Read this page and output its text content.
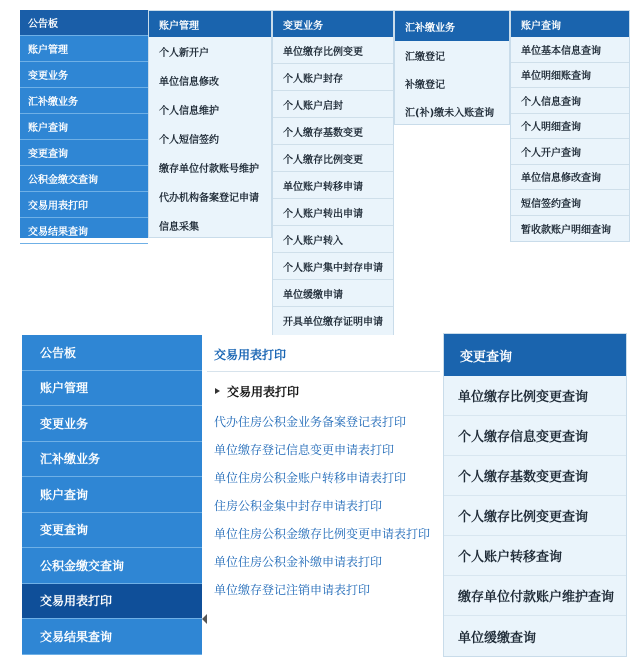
公告板
账户管理
变更业务
汇补缴业务
账户查询
变更查询
公积金缴交查询
交易用表打印
交易结果查询
账户管理
个人新开户
单位信息修改
个人信息维护
个人短信签约
缴存单位付款账号维护
代办机构备案登记申请
信息采集
变更业务
单位缴存比例变更
个人账户封存
个人账户启封
个人缴存基数变更
个人缴存比例变更
单位账户转移申请
个人账户转出申请
个人账户转入
个人账户集中封存申请
单位缓缴申请
开具单位缴存证明申请
汇补缴业务
汇缴登记
补缴登记
汇(补)缴未入账查询
账户查询
单位基本信息查询
单位明细账查询
个人信息查询
个人明细查询
个人开户查询
单位信息修改查询
短信签约查询
暂收款账户明细查询
公告板
账户管理
变更业务
汇补缴业务
账户查询
变更查询
公积金缴交查询
交易用表打印
交易结果查询
交易用表打印
交易用表打印
代办住房公积金业务备案登记表打印
单位缴存登记信息变更申请表打印
单位住房公积金账户转移申请表打印
住房公积金集中封存申请表打印
单位住房公积金缴存比例变更申请表打印
单位住房公积金补缴申请表打印
单位缴存登记注销申请表打印
变更查询
单位缴存比例变更查询
个人缴存信息变更查询
个人缴存基数变更查询
个人缴存比例变更查询
个人账户转移查询
缴存单位付款账户维护查询
单位缓缴查询
